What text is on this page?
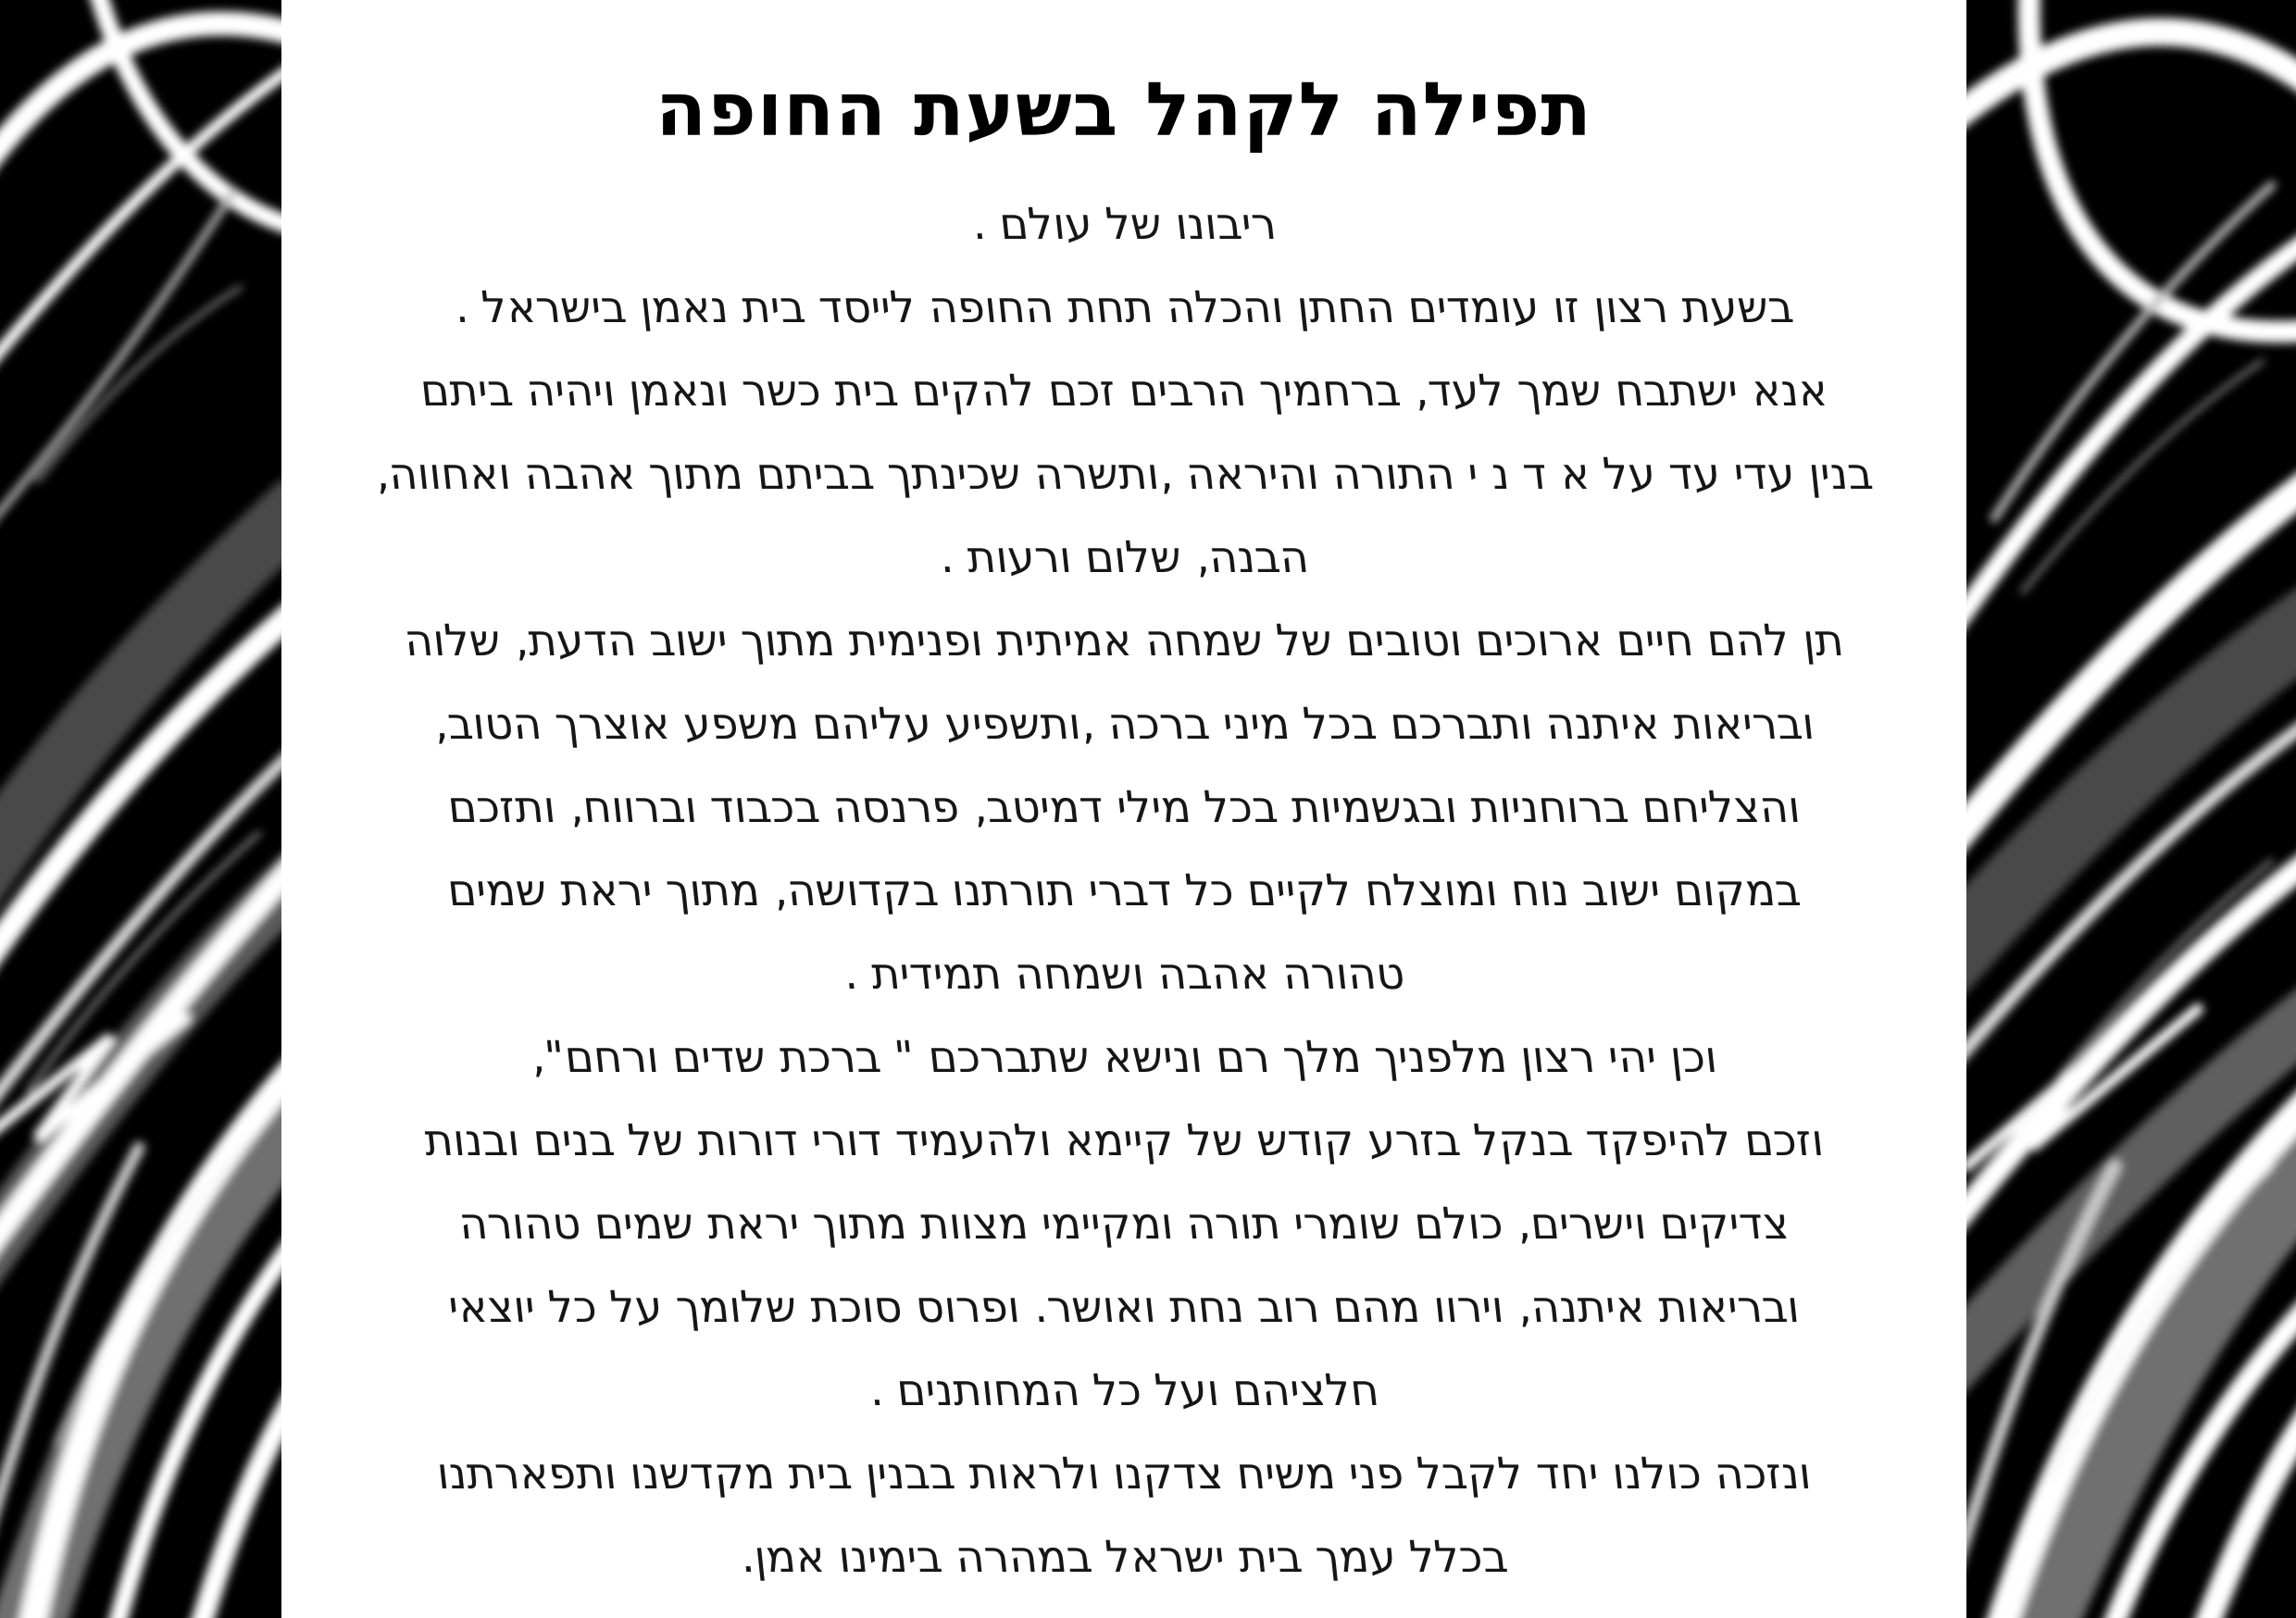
תפילה לקהל בשעת החופה
ריבונו של עולם .
בשעת רצון זו עומדים החתן והכלה תחת החופה לייסד בית נאמן בישראל .
אנא ישתבח שמך לעד, ברחמיך הרבים זכם להקים בית כשר ונאמן ויהיה ביתם
בנין עדי עד על א ד נ י התורה והיראה ,ותשרה שכינתך בביתם מתוך אהבה ואחווה,
הבנה, שלום ורעות .
תן להם חיים ארוכים וטובים של שמחה אמיתית ופנימית מתוך ישוב הדעת, שלוה
ובריאות איתנה ותברכם בכל מיני ברכה ,ותשפיע עליהם משפע אוצרך הטוב,
והצליחם ברוחניות ובגשמיות בכל מילי דמיטב, פרנסה בכבוד וברווח, ותזכם
במקום ישוב נוח ומוצלח לקיים כל דברי תורתנו בקדושה, מתוך יראת שמים
טהורה אהבה ושמחה תמידית .
וכן יהי רצון מלפניך מלך רם ונישא שתברכם " ברכת שדים ורחם",
וזכם להיפקד בנקל בזרע קודש של קיימא ולהעמיד דורי דורות של בנים ובנות
צדיקים וישרים, כולם שומרי תורה ומקיימי מצוות מתוך יראת שמים טהורה
ובריאות איתנה, וירוו מהם רוב נחת ואושר. ופרוס סוכת שלומך על כל יוצאי
חלציהם ועל כל המחותנים .
ונזכה כולנו יחד לקבל פני משיח צדקנו ולראות בבנין בית מקדשנו ותפארתנו
בכלל עמך בית ישראל במהרה בימינו אמן.
